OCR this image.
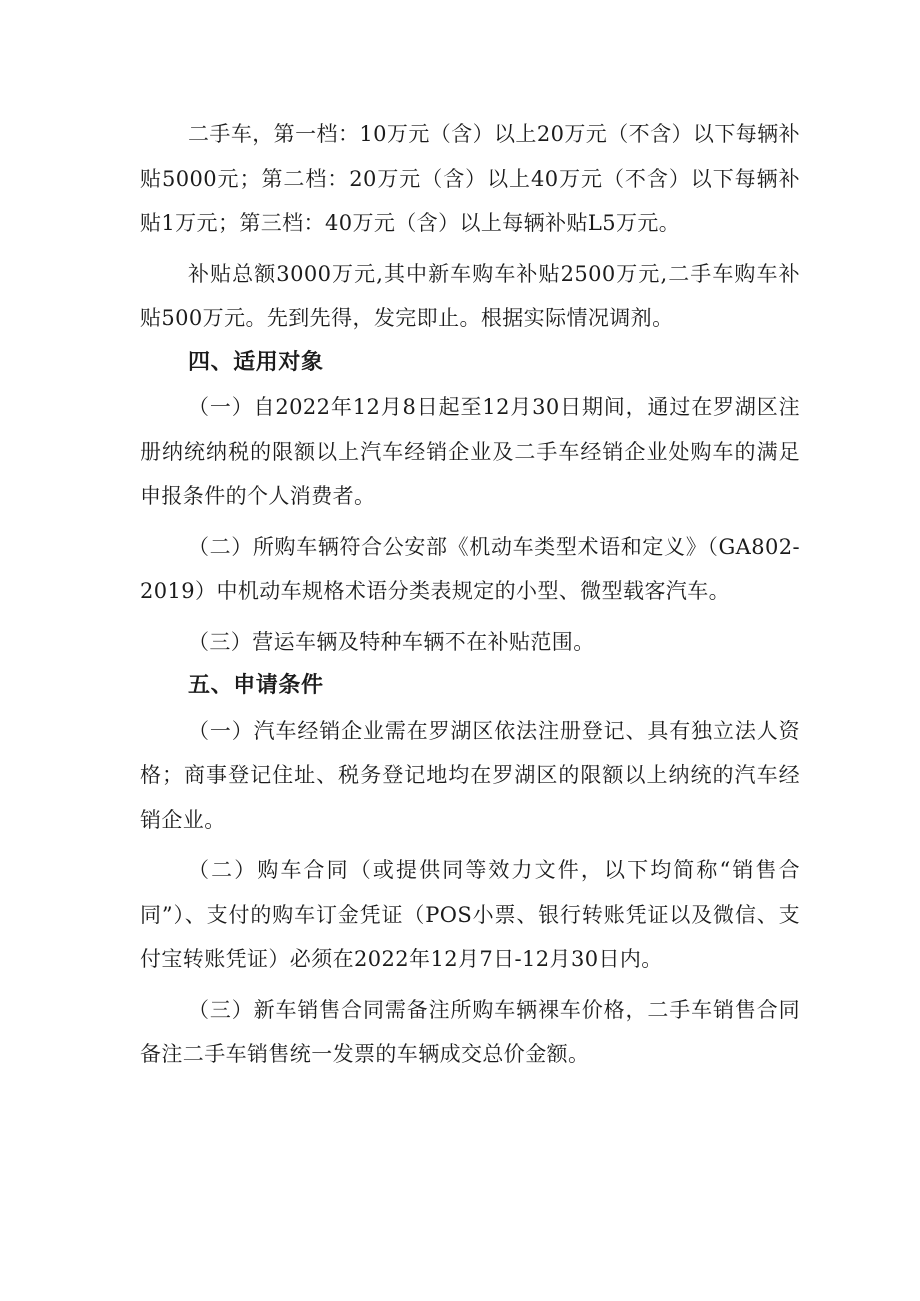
二手车，第一档：10万元（含）以上20万元（不含）以下每辆补贴5000元；第二档：20万元（含）以上40万元（不含）以下每辆补贴1万元；第三档：40万元（含）以上每辆补贴L5万元。

补贴总额3000万元,其中新车购车补贴2500万元,二手车购车补贴500万元。先到先得，发完即止。根据实际情况调剂。

四、适用对象

（一）自2022年12月8日起至12月30日期间，通过在罗湖区注册纳统纳税的限额以上汽车经销企业及二手车经销企业处购车的满足申报条件的个人消费者。

（二）所购车辆符合公安部《机动车类型术语和定义》（GA802-2019）中机动车规格术语分类表规定的小型、微型载客汽车。

（三）营运车辆及特种车辆不在补贴范围。

五、申请条件

（一）汽车经销企业需在罗湖区依法注册登记、具有独立法人资格；商事登记住址、税务登记地均在罗湖区的限额以上纳统的汽车经销企业。

（二）购车合同（或提供同等效力文件，以下均简称“销售合同”）、支付的购车订金凭证（POS小票、银行转账凭证以及微信、支付宝转账凭证）必须在2022年12月7日-12月30日内。

（三）新车销售合同需备注所购车辆裸车价格，二手车销售合同备注二手车销售统一发票的车辆成交总价金额。
